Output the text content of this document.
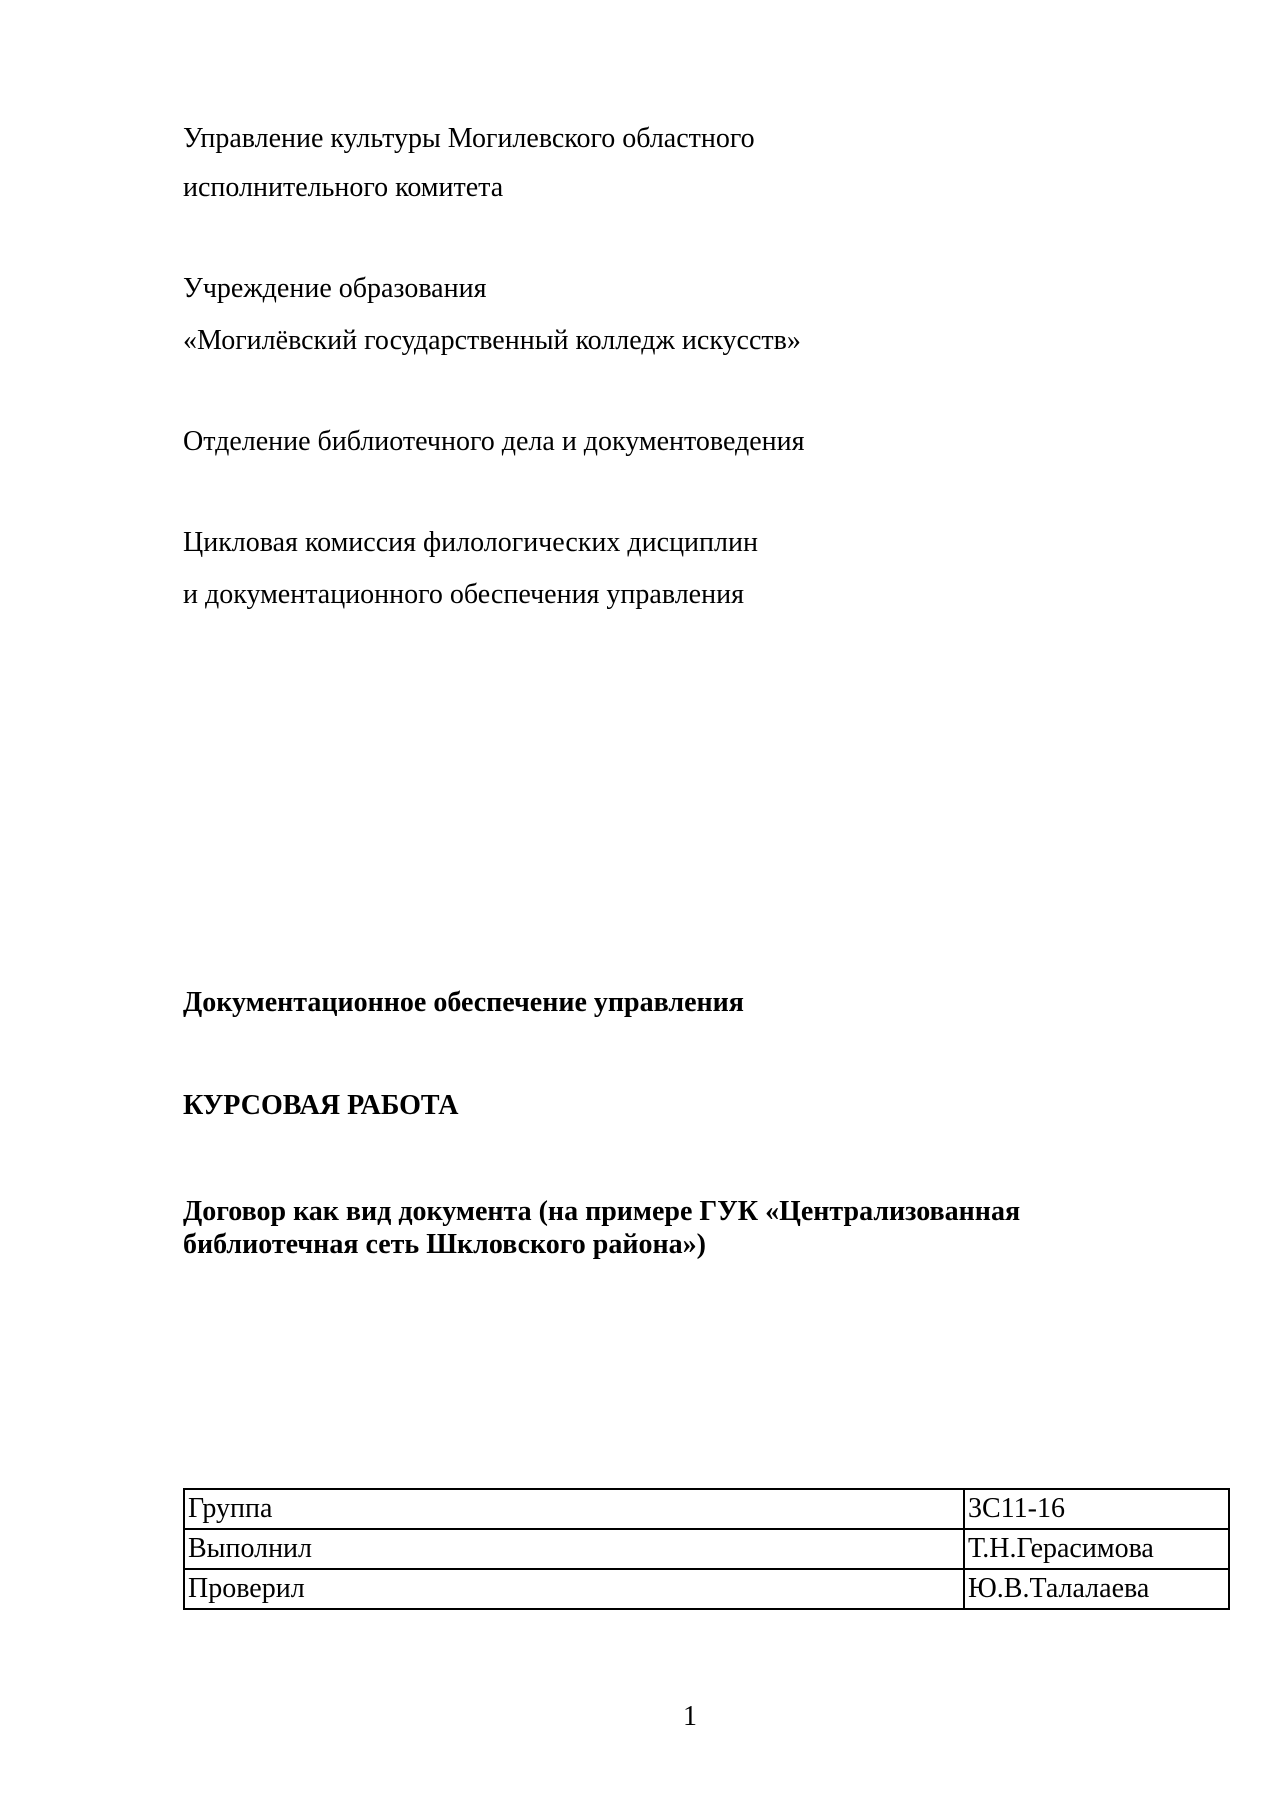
Управление культуры Могилевского областного
исполнительного комитета
Учреждение образования
«Могилёвский государственный колледж искусств»
Отделение библиотечного дела и документоведения
Цикловая комиссия филологических дисциплин
и документационного обеспечения управления
Документационное обеспечение управления
КУРСОВАЯ РАБОТА
Договор как вид документа (на примере ГУК «Централизованная библиотечная сеть Шкловского района»)
Группа	3С11-16
Выполнил	Т.Н.Герасимова
Проверил	Ю.В.Талалаева
1
